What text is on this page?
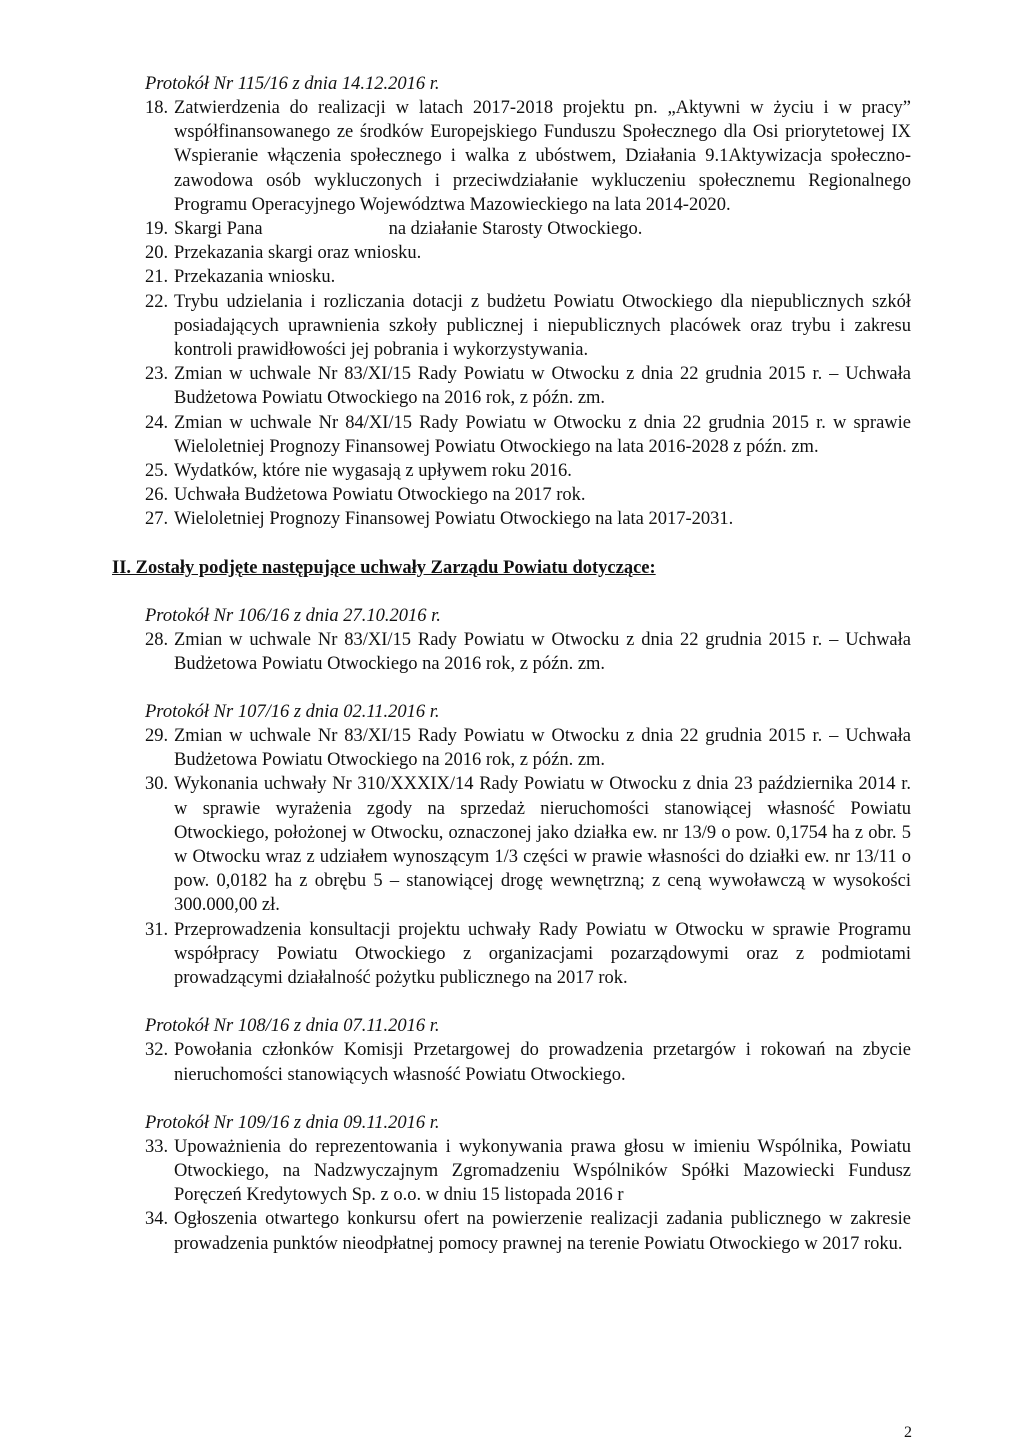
Protokół Nr 115/16 z dnia 14.12.2016 r.
18. Zatwierdzenia do realizacji w latach 2017-2018 projektu pn. „Aktywni w życiu i w pracy” współfinansowanego ze środków Europejskiego Funduszu Społecznego dla Osi priorytetowej IX Wspieranie włączenia społecznego i walka z ubóstwem, Działania 9.1Aktywizacja społeczno-zawodowa osób wykluczonych i przeciwdziałanie wykluczeniu społecznemu Regionalnego Programu Operacyjnego Województwa Mazowieckiego na lata 2014-2020.
19. Skargi Pana	na działanie Starosty Otwockiego.
20. Przekazania skargi oraz wniosku.
21. Przekazania wniosku.
22. Trybu udzielania i rozliczania dotacji z budżetu Powiatu Otwockiego dla niepublicznych szkół posiadających uprawnienia szkoły publicznej i niepublicznych placówek oraz trybu i zakresu kontroli prawidłowości jej pobrania i wykorzystywania.
23. Zmian w uchwale Nr 83/XI/15 Rady Powiatu w Otwocku z dnia 22 grudnia 2015 r. – Uchwała Budżetowa Powiatu Otwockiego na 2016 rok, z późn. zm.
24. Zmian w uchwale Nr 84/XI/15 Rady Powiatu w Otwocku z dnia 22 grudnia 2015 r. w sprawie Wieloletniej Prognozy Finansowej Powiatu Otwockiego na lata 2016-2028 z późn. zm.
25. Wydatków, które nie wygasają z upływem roku 2016.
26. Uchwała Budżetowa Powiatu Otwockiego na 2017 rok.
27. Wieloletniej Prognozy Finansowej Powiatu Otwockiego na lata 2017-2031.
II. Zostały podjęte następujące uchwały Zarządu Powiatu dotyczące:
Protokół Nr 106/16 z dnia 27.10.2016 r.
28. Zmian w uchwale Nr 83/XI/15 Rady Powiatu w Otwocku z dnia 22 grudnia 2015 r. – Uchwała Budżetowa Powiatu Otwockiego na 2016 rok, z późn. zm.
Protokół Nr 107/16 z dnia 02.11.2016 r.
29. Zmian w uchwale Nr 83/XI/15 Rady Powiatu w Otwocku z dnia 22 grudnia 2015 r. – Uchwała Budżetowa Powiatu Otwockiego na 2016 rok, z późn. zm.
30. Wykonania uchwały Nr 310/XXXIX/14 Rady Powiatu w Otwocku z dnia 23 października 2014 r. w sprawie wyrażenia zgody na sprzedaż nieruchomości stanowiącej własność Powiatu Otwockiego, położonej w Otwocku, oznaczonej jako działka ew. nr 13/9 o pow. 0,1754 ha z obr. 5 w Otwocku wraz z udziałem wynoszącym 1/3 części w prawie własności do działki ew. nr 13/11 o pow. 0,0182 ha z obrębu 5 – stanowiącej drogę wewnętrzną; z ceną wywoławczą w wysokości 300.000,00 zł.
31. Przeprowadzenia konsultacji projektu uchwały Rady Powiatu w Otwocku w sprawie Programu współpracy Powiatu Otwockiego z organizacjami pozarządowymi oraz z podmiotami prowadzącymi działalność pożytku publicznego na 2017 rok.
Protokół Nr 108/16 z dnia 07.11.2016 r.
32. Powołania członków Komisji Przetargowej do prowadzenia przetargów i rokowań na zbycie nieruchomości stanowiących własność Powiatu Otwockiego.
Protokół Nr 109/16 z dnia 09.11.2016 r.
33. Upoważnienia do reprezentowania i wykonywania prawa głosu w imieniu Wspólnika, Powiatu Otwockiego, na Nadzwyczajnym Zgromadzeniu Wspólników Spółki Mazowiecki Fundusz Poręczeń Kredytowych Sp. z o.o. w dniu 15 listopada 2016 r
34. Ogłoszenia otwartego konkursu ofert na powierzenie realizacji zadania publicznego w zakresie prowadzenia punktów nieodpłatnej pomocy prawnej na terenie Powiatu Otwockiego w 2017 roku.
2
